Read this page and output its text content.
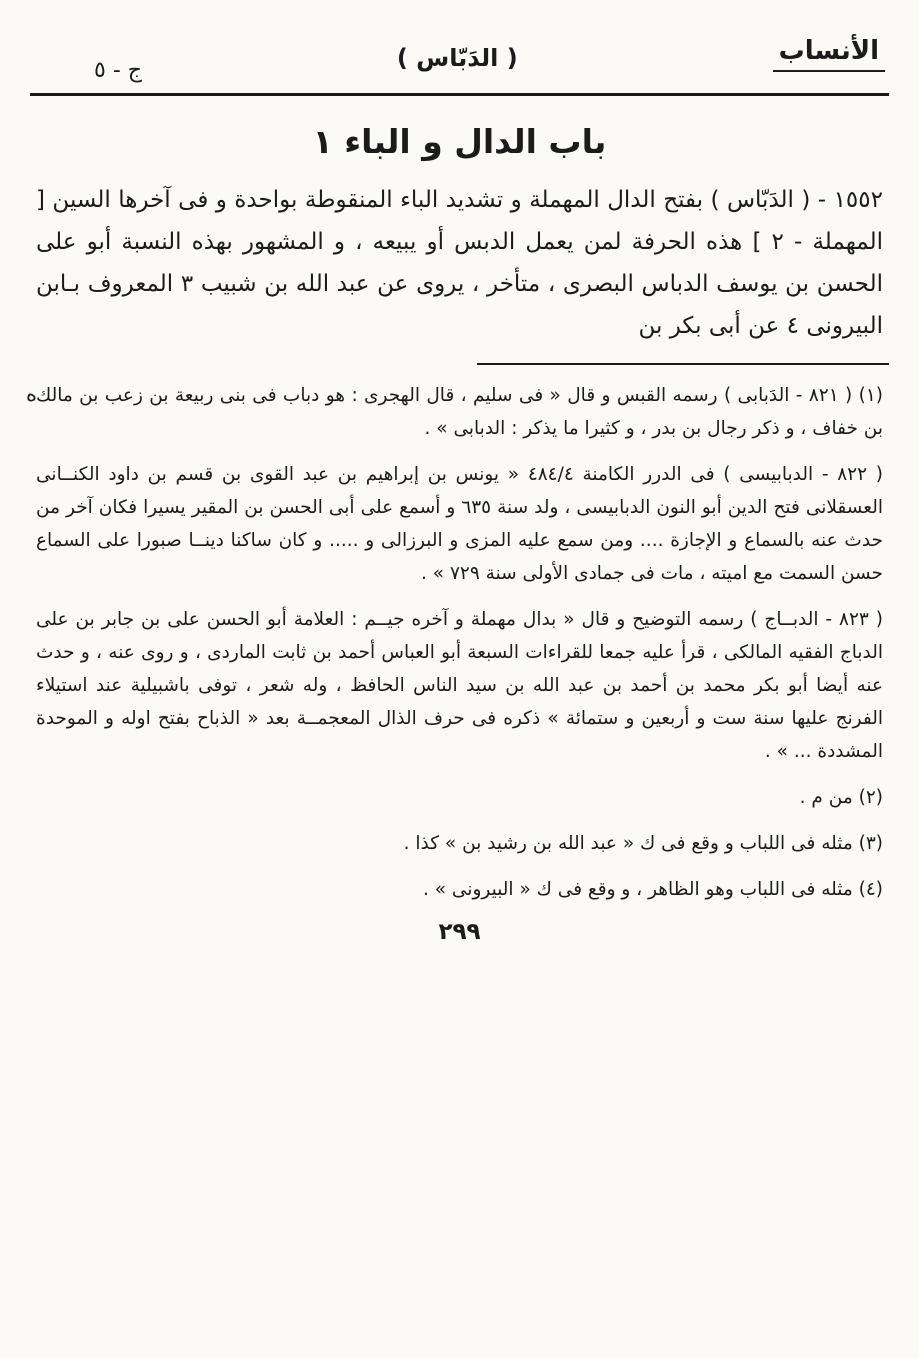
الأنساب
( الدَبّاس )
ج - ٥
باب الدال و الباء ١
١٥٥٢ - ( الدَبّاس ) بفتح الدال المهملة و تشديد الباء المنقوطة بواحدة و فى آخرها السين [ المهملة - ٢ ] هذه الحرفة لمن يعمل الدبس أو يبيعه ، و المشهور بهذه النسبة أبو على الحسن بن يوسف الدباس البصرى ، متأخر ، يروى عن عبد الله بن شبيب ٣ المعروف بـابن البيرونى ٤ عن أبى بكر بن
ه

(١) ( ٨٢١ - الدَبابى ) رسمه القبس و قال « فى سليم ، قال الهجرى : هو دباب فى بنى ربيعة بن زعب بن مالك بن خفاف ، و ذكر رجال بن بدر ، و كثيرا ما يذكر : الدبابى » .

( ٨٢٢ - الدبابيسى ) فى الدرر الكامنة ٤٨٤/٤ « يونس بن إبراهيم بن عبد القوى بن قسم بن داود الكنــانى العسقلانى فتح الدين أبو النون الدبابيسى ، ولد سنة ٦٣٥ و أسمع على أبى الحسن بن المقير يسيرا فكان آخر من حدث عنه بالسماع و الإجازة .... ومن سمع عليه المزى و البرزالى و ..... و كان ساكنا دينــا صبورا على السماع حسن السمت مع اميته ، مات فى جمادى الأولى سنة ٧٢٩ » .

( ٨٢٣ - الدبــاج ) رسمه التوضيح و قال « بدال مهملة و آخره جيــم : العلامة أبو الحسن على بن جابر بن على الدباج الفقيه المالكى ، قرأ عليه جمعا للقراءات السبعة أبو العباس أحمد بن ثابت الماردى ، و روى عنه ، و حدث عنه أيضا أبو بكر محمد بن أحمد بن عبد الله بن سيد الناس الحافظ ، وله شعر ، توفى باشبيلية عند استيلاء الفرنج عليها سنة ست و أربعين و ستمائة » ذكره فى حرف الذال المعجمــة بعد « الذباح بفتح اوله و الموحدة المشددة ... » .

(٢) من م .

(٣) مثله فى اللباب و وقع فى ك « عبد الله بن رشيد بن » كذا .

(٤) مثله فى اللباب وهو الظاهر ، و وقع فى ك « البيرونى » .

٢٩٩
